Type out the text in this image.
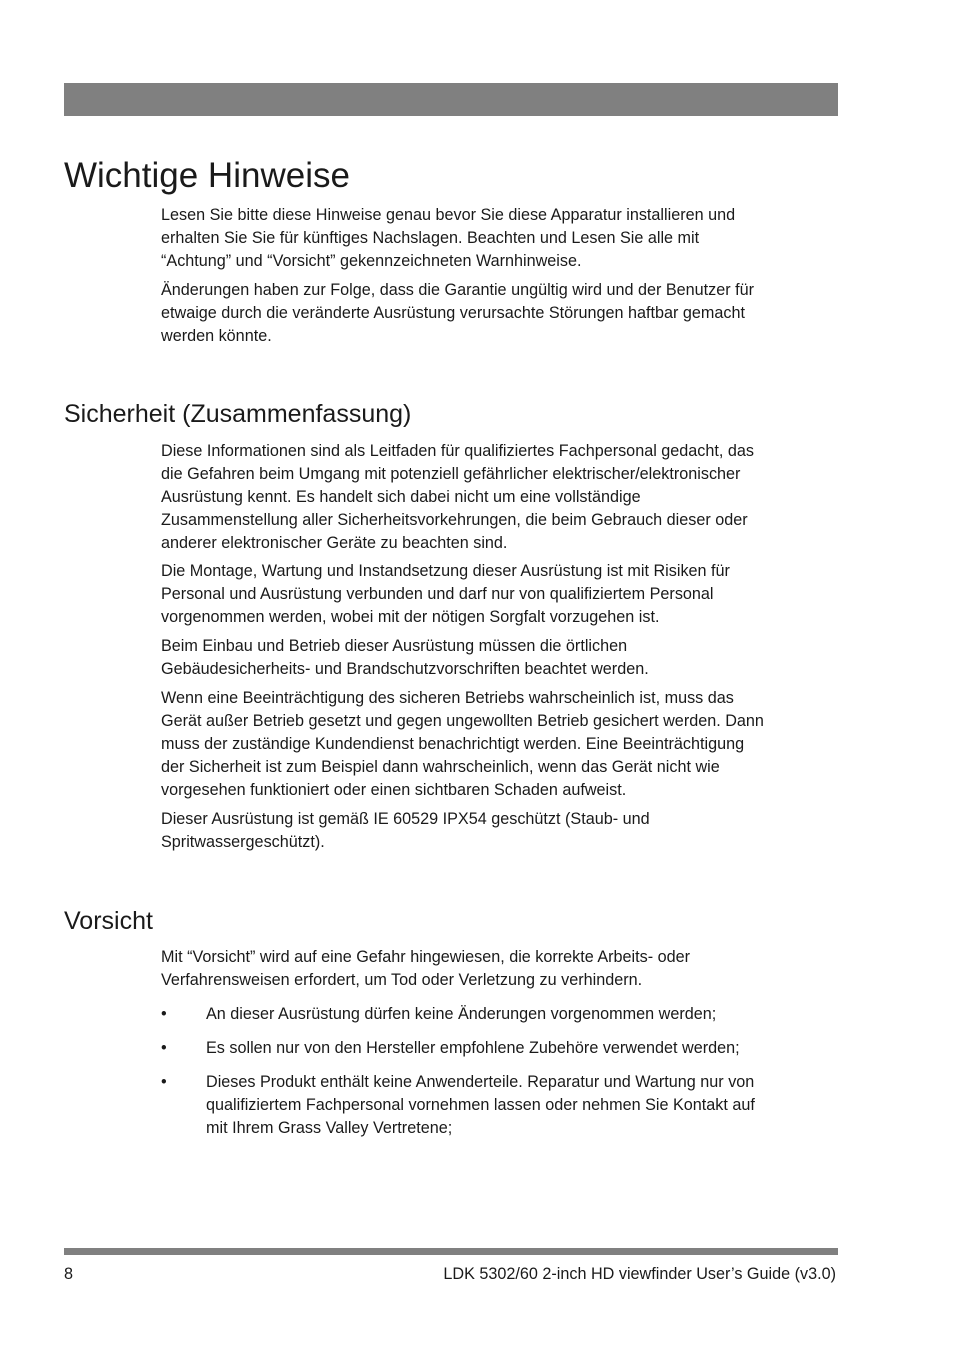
Wichtige Hinweise

Lesen Sie bitte diese Hinweise genau bevor Sie diese Apparatur installieren und
erhalten Sie Sie für künftiges Nachslagen. Beachten und Lesen Sie alle mit
“Achtung” und “Vorsicht” gekennzeichneten Warnhinweise.

Änderungen haben zur Folge, dass die Garantie ungültig wird und der Benutzer für
etwaige durch die veränderte Ausrüstung verursachte Störungen haftbar gemacht
werden könnte.

Sicherheit (Zusammenfassung)

Diese Informationen sind als Leitfaden für qualifiziertes Fachpersonal gedacht, das
die Gefahren beim Umgang mit potenziell gefährlicher elektrischer/elektronischer
Ausrüstung kennt. Es handelt sich dabei nicht um eine vollständige
Zusammenstellung aller Sicherheitsvorkehrungen, die beim Gebrauch dieser oder
anderer elektronischer Geräte zu beachten sind.

Die Montage, Wartung und Instandsetzung dieser Ausrüstung ist mit Risiken für
Personal und Ausrüstung verbunden und darf nur von qualifiziertem Personal
vorgenommen werden, wobei mit der nötigen Sorgfalt vorzugehen ist.

Beim Einbau und Betrieb dieser Ausrüstung müssen die örtlichen
Gebäudesicherheits- und Brandschutzvorschriften beachtet werden.

Wenn eine Beeinträchtigung des sicheren Betriebs wahrscheinlich ist, muss das
Gerät außer Betrieb gesetzt und gegen ungewollten Betrieb gesichert werden. Dann
muss der zuständige Kundendienst benachrichtigt werden. Eine Beeinträchtigung
der Sicherheit ist zum Beispiel dann wahrscheinlich, wenn das Gerät nicht wie
vorgesehen funktioniert oder einen sichtbaren Schaden aufweist.

Dieser Ausrüstung ist gemäß IE 60529 IPX54 geschützt (Staub- und
Spritwassergeschützt).

Vorsicht

Mit “Vorsicht” wird auf eine Gefahr hingewiesen, die korrekte Arbeits- oder
Verfahrensweisen erfordert, um Tod oder Verletzung zu verhindern.

• An dieser Ausrüstung dürfen keine Änderungen vorgenommen werden;
• Es sollen nur von den Hersteller empfohlene Zubehöre verwendet werden;
• Dieses Produkt enthält keine Anwenderteile. Reparatur und Wartung nur von
qualifiziertem Fachpersonal vornehmen lassen oder nehmen Sie Kontakt auf
mit Ihrem Grass Valley Vertretene;
8	LDK 5302/60 2-inch HD viewfinder User’s Guide (v3.0)
